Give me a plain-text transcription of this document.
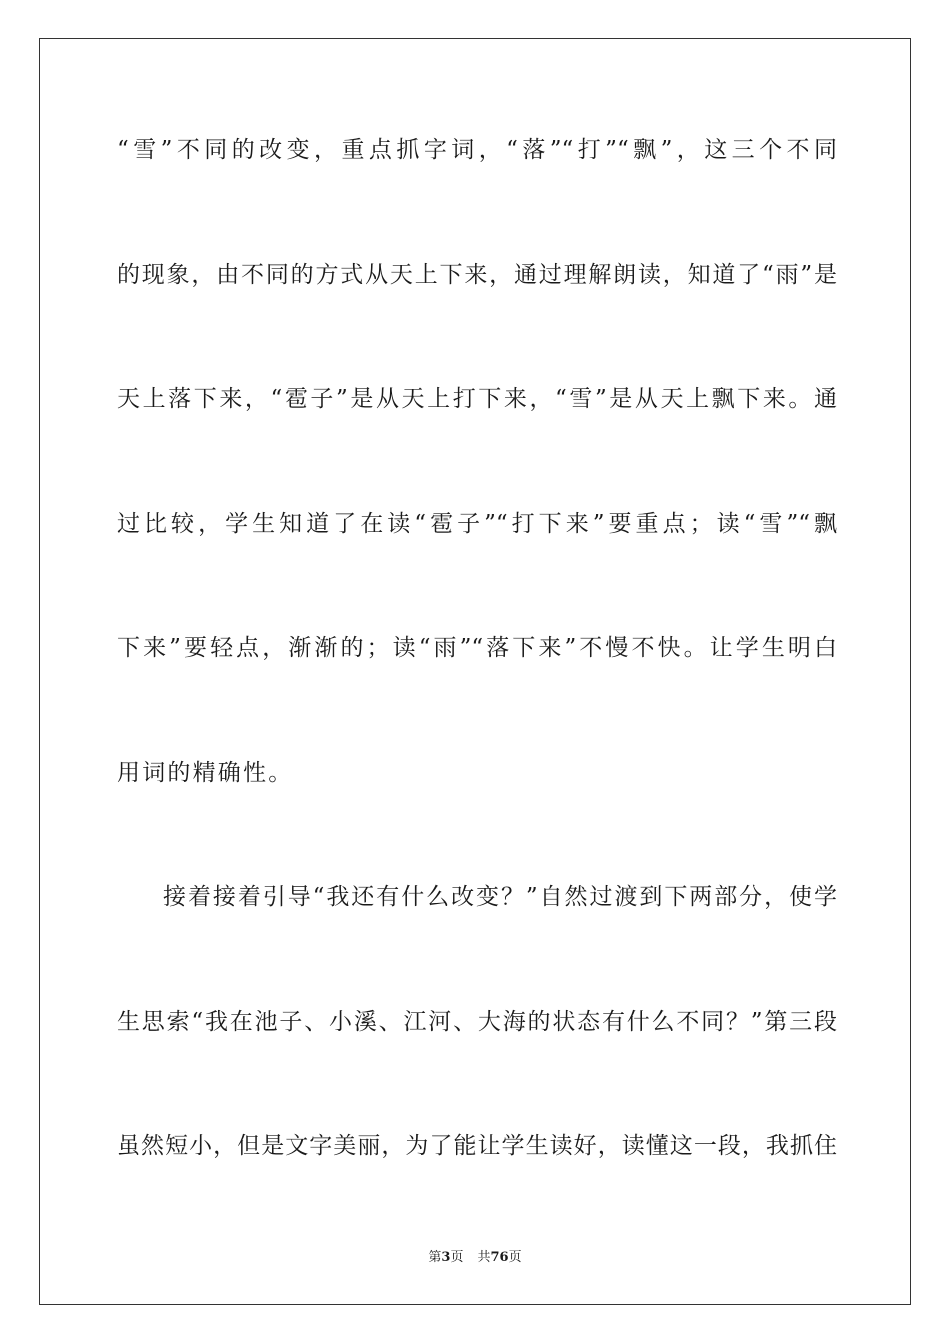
“雪”不同的改变，重点抓字词，“落”“打”“飘”，这三个不同
的现象，由不同的方式从天上下来，通过理解朗读，知道了“雨”是
天上落下来，“雹子”是从天上打下来，“雪”是从天上飘下来。通
过比较，学生知道了在读“雹子”“打下来”要重点；读“雪”“飘
下来”要轻点，渐渐的；读“雨”“落下来”不慢不快。让学生明白
用词的精确性。
接着接着引导“我还有什么改变？”自然过渡到下两部分，使学
生思索“我在池子、小溪、江河、大海的状态有什么不同？”第三段
虽然短小，但是文字美丽，为了能让学生读好，读懂这一段，我抓住
第3页 共76页
